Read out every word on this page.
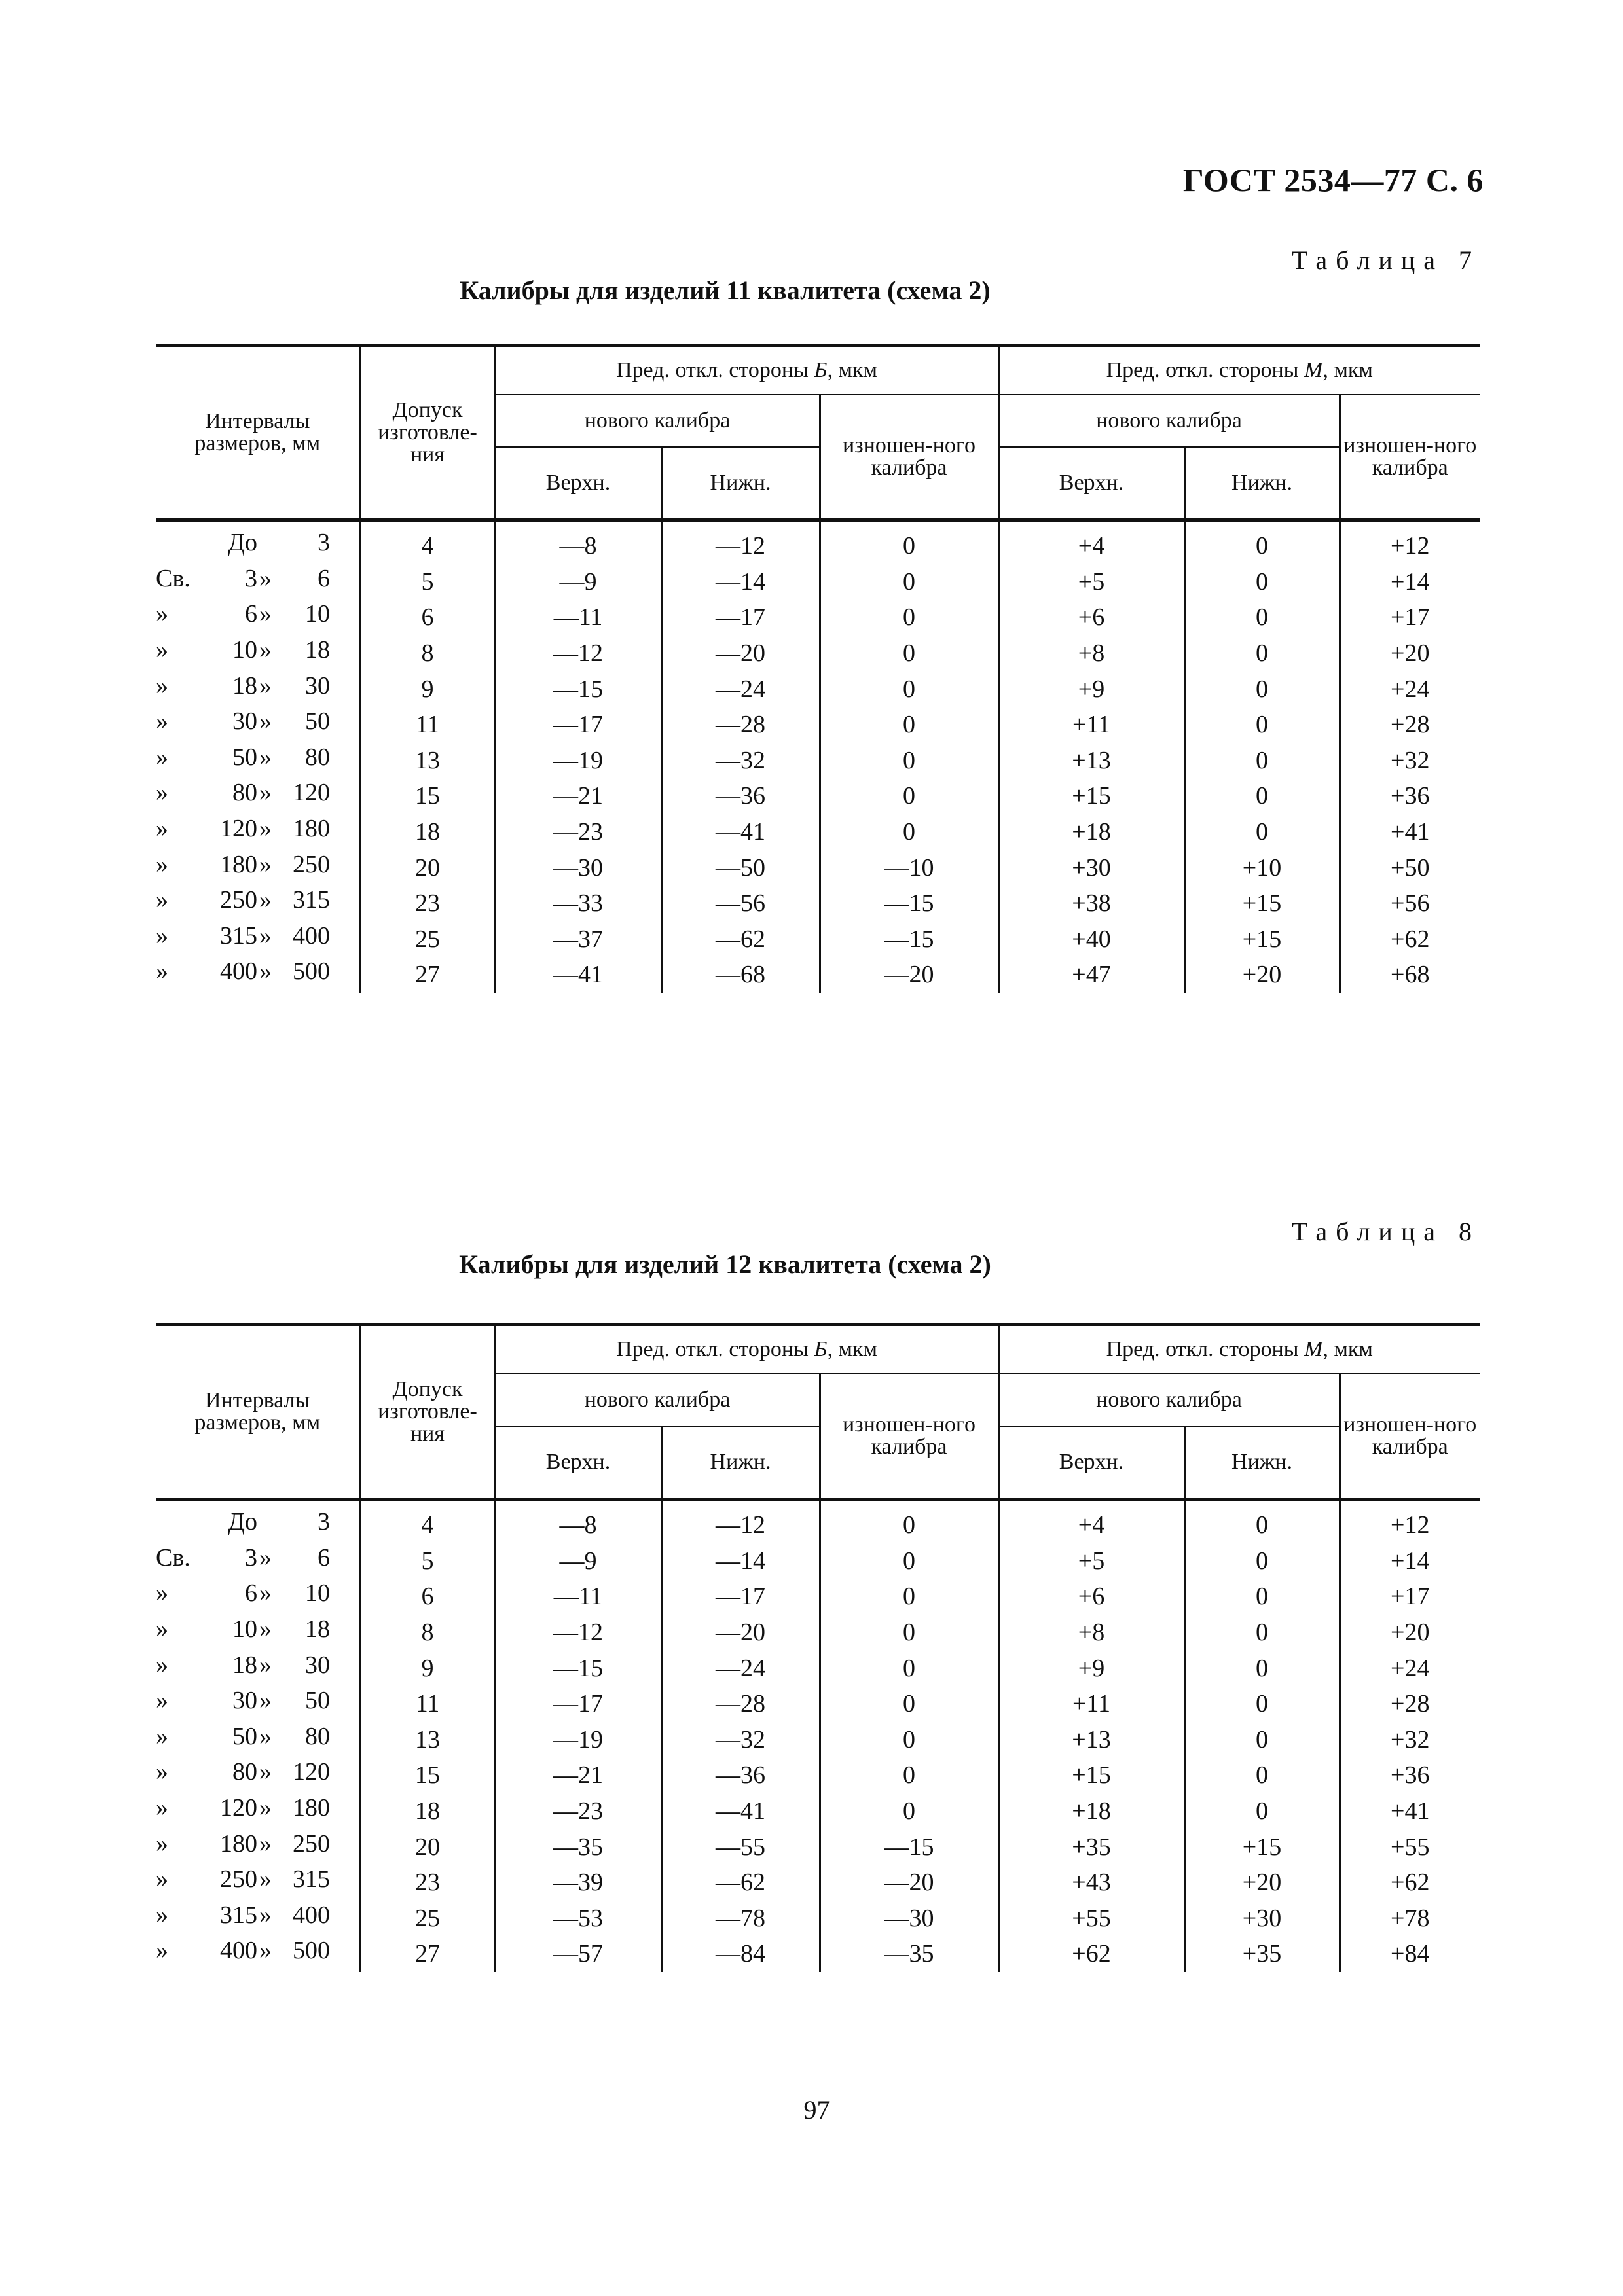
ГОСТ 2534—77 С. 6
Таблица 7
Калибры для изделий 11 квалитета (схема 2)
Интервалы размеров, мм	Допуск изготовле-ния	Пред. откл. стороны Б, мкм			Пред. откл. стороны М, мкм		
		нового калибра		изношен-ного калибра	нового калибра		изношен-ного калибра
		Верхн.	Нижн.		Верхн.	Нижн.	

До 3	4	—8	—12	0	+4	0	+12

Св. 3 » 6	5	—9	—14	0	+5	0	+14

» 6 » 10	6	—11	—17	0	+6	0	+17

» 10 » 18	8	—12	—20	0	+8	0	+20

» 18 » 30	9	—15	—24	0	+9	0	+24

» 30 » 50	11	—17	—28	0	+11	0	+28

» 50 » 80	13	—19	—32	0	+13	0	+32

» 80 » 120	15	—21	—36	0	+15	0	+36

» 120 » 180	18	—23	—41	0	+18	0	+41

» 180 » 250	20	—30	—50	—10	+30	+10	+50

» 250 » 315	23	—33	—56	—15	+38	+15	+56

» 315 » 400	25	—37	—62	—15	+40	+15	+62

» 400 » 500	27	—41	—68	—20	+47	+20	+68
Таблица 8
Калибры для изделий 12 квалитета (схема 2)
Интервалы размеров, мм	Допуск изготовле-ния	Пред. откл. стороны Б, мкм			Пред. откл. стороны М, мкм		
		нового калибра		изношен-ного калибра	нового калибра		изношен-ного калибра
		Верхн.	Нижн.		Верхн.	Нижн.	

До 3	4	—8	—12	0	+4	0	+12

Св. 3 » 6	5	—9	—14	0	+5	0	+14

» 6 » 10	6	—11	—17	0	+6	0	+17

» 10 » 18	8	—12	—20	0	+8	0	+20

» 18 » 30	9	—15	—24	0	+9	0	+24

» 30 » 50	11	—17	—28	0	+11	0	+28

» 50 » 80	13	—19	—32	0	+13	0	+32

» 80 » 120	15	—21	—36	0	+15	0	+36

» 120 » 180	18	—23	—41	0	+18	0	+41

» 180 » 250	20	—35	—55	—15	+35	+15	+55

» 250 » 315	23	—39	—62	—20	+43	+20	+62

» 315 » 400	25	—53	—78	—30	+55	+30	+78

» 400 » 500	27	—57	—84	—35	+62	+35	+84
97
